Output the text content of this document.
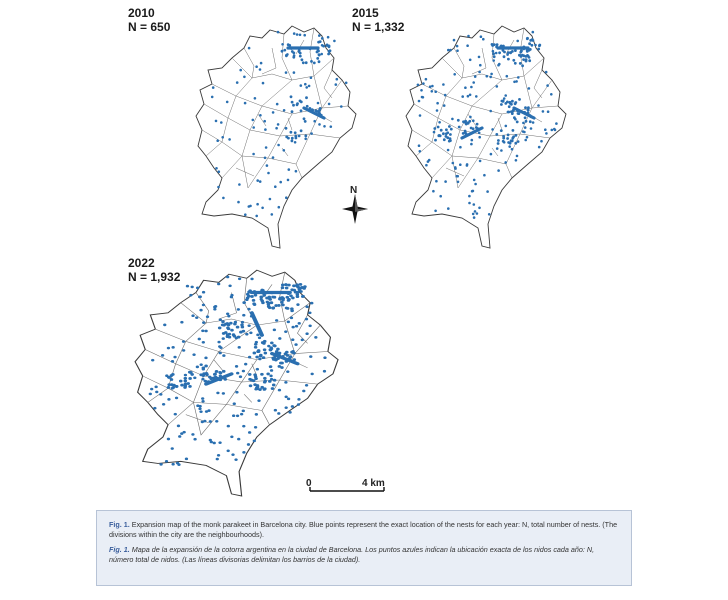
2010
N = 650
2015
N = 1,332
2022
N = 1,932
N
0	4 km

Fig. 1. Expansion map of the monk parakeet in Barcelona city. Blue points represent the exact location of the nests for each year: N, total number of nests. (The divisions within the city are the neighbourhoods).

Fig. 1. Mapa de la expansión de la cotorra argentina en la ciudad de Barcelona. Los puntos azules indican la ubicación exacta de los nidos cada año: N, número total de nidos. (Las líneas divisorias delimitan los barrios de la ciudad).
